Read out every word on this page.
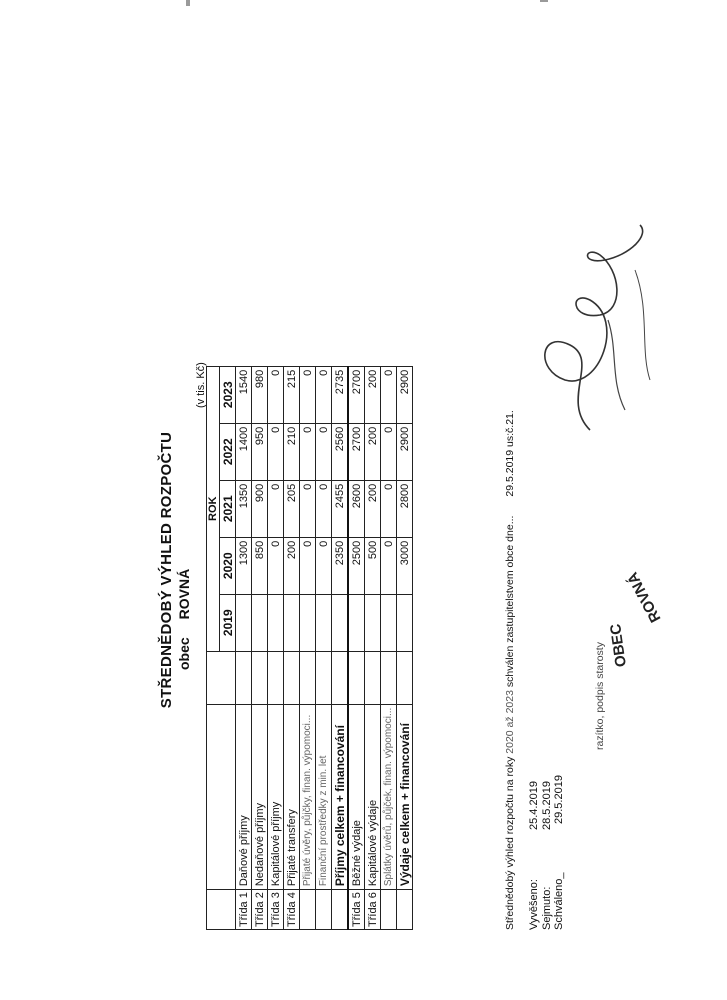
STŘEDNĚDOBÝ VÝHLED ROZPOČTU obecROVNÁ
(v tis. Kč)
			ROK				
			2019	2020	2021	2022	2023
Třída 1	Daňové příjmy			1300	1350	1400	1540
Třída 2	Nedaňové příjmy			850	900	950	980
Třída 3	Kapitálové příjmy			0	0	0	0
Třída 4	Přijaté transfery			200	205	210	215
	Přijaté úvěry, půjčky, finan. výpomoci...			0	0	0	0
	Finanční prostředky z min. let			0	0	0	0
	Příjmy celkem + financování			2350	2455	2560	2735
Třída 5	Běžné výdaje			2500	2600	2700	2700
Třída 6	Kapitálové výdaje			500	200	200	200
	Splátky úvěrů, půjček, finan. výpomoci...			0	0	0	0
	Výdaje celkem + financování			3000	2800	2900	2900
Střednědobý výhled rozpočtu na roky 2020 až 2023 schválen zastupitelstvem obce dne... 29.5.2019 us:č.21.
Vyvěšeno:
25.4.2019
Sejmuto:
28.5.2019
Schváleno_
29.5.2019
razítko, podpis starosty OBEC
ROVNÁ
